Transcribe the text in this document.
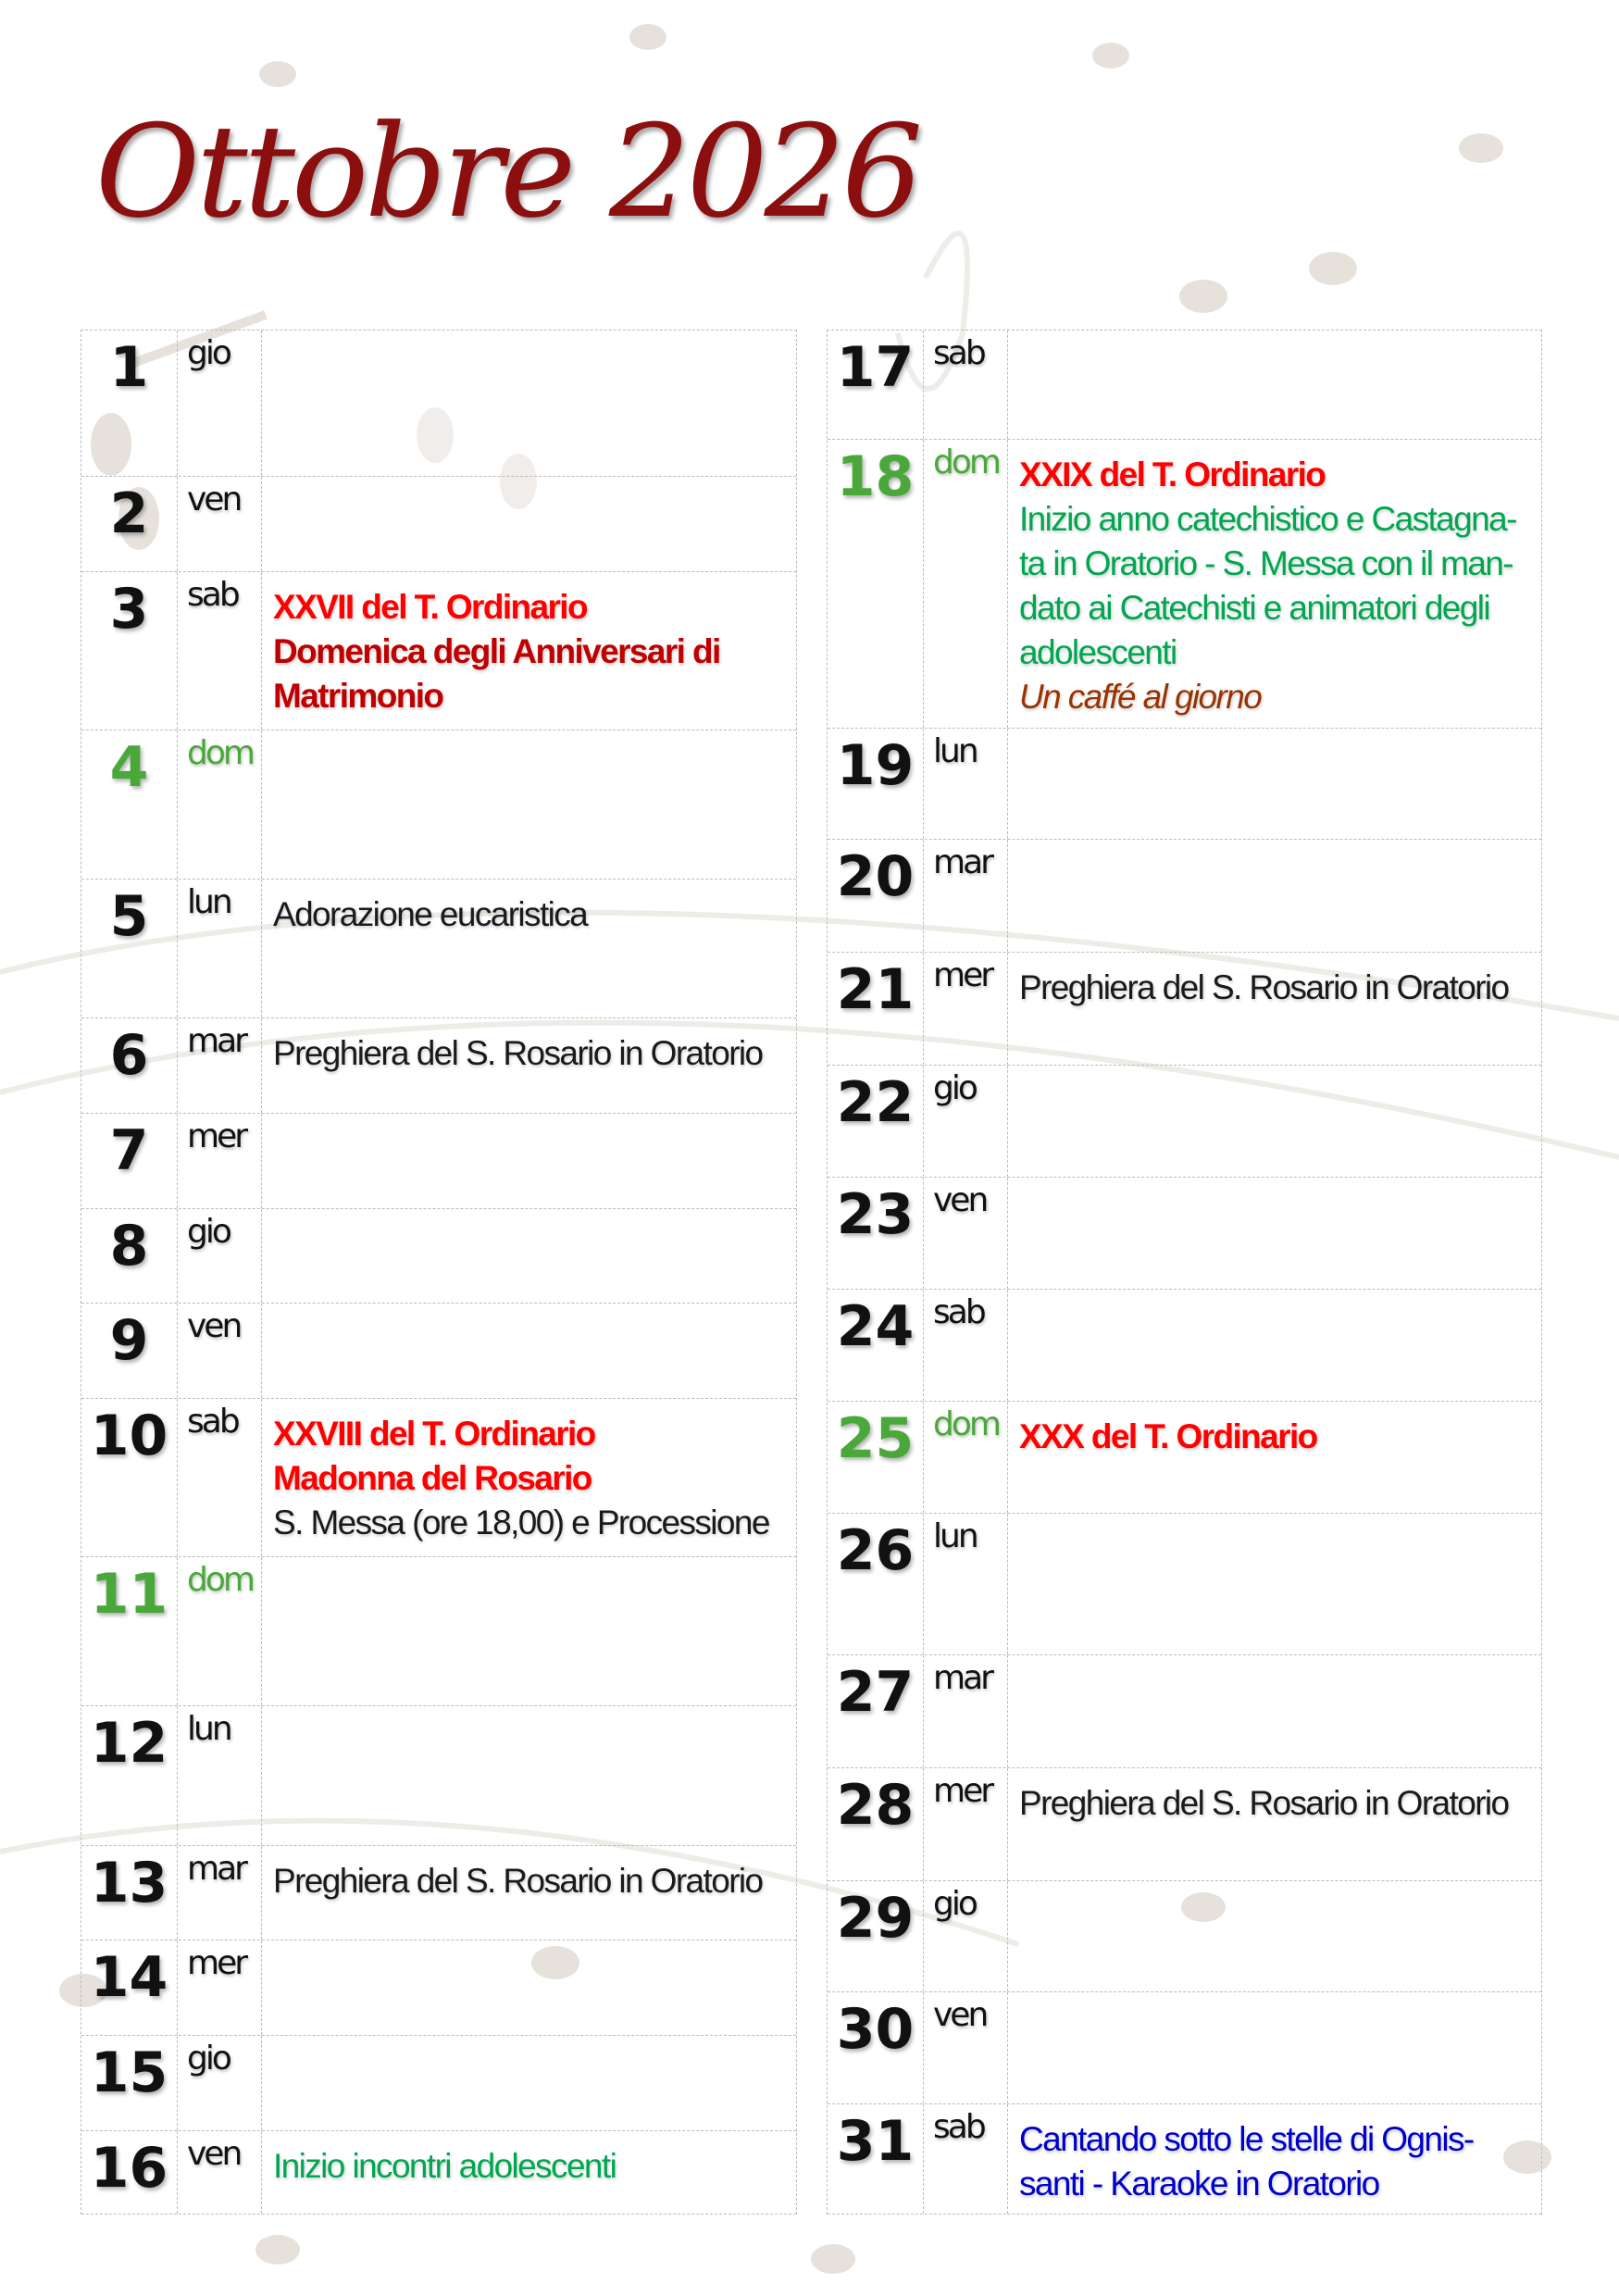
Ottobre 2026
1	gio
2	ven
3	sab	XXVII del T. Ordinario
Domenica degli Anniversari di Matrimonio
4	dom
5	lun	Adorazione eucaristica
6	mar Preghiera del S. Rosario in Oratorio
7	mer
8	gio
9	ven
10 sab	XXVIII del T. Ordinario
Madonna del Rosario
S. Messa (ore 18,00) e Processione
11 dom
12 lun
13 mar Preghiera del S. Rosario in Oratorio
14 mer
15 gio
16 ven Inizio incontri adolescenti
17 sab
18 dom XXIX del T. Ordinario
Inizio anno catechistico e Castagna-ta in Oratorio - S. Messa con il man-dato ai Catechisti e animatori degli adolescenti
Un caffé al giorno
19 lun
20 mar
21 mer Preghiera del S. Rosario in Oratorio
22 gio
23 ven
24 sab
25 dom XXX del T. Ordinario
26 lun
27 mar
28 mer Preghiera del S. Rosario in Oratorio
29 gio
30 ven
31 sab	Cantando sotto le stelle di Ognis-santi - Karaoke in Oratorio
